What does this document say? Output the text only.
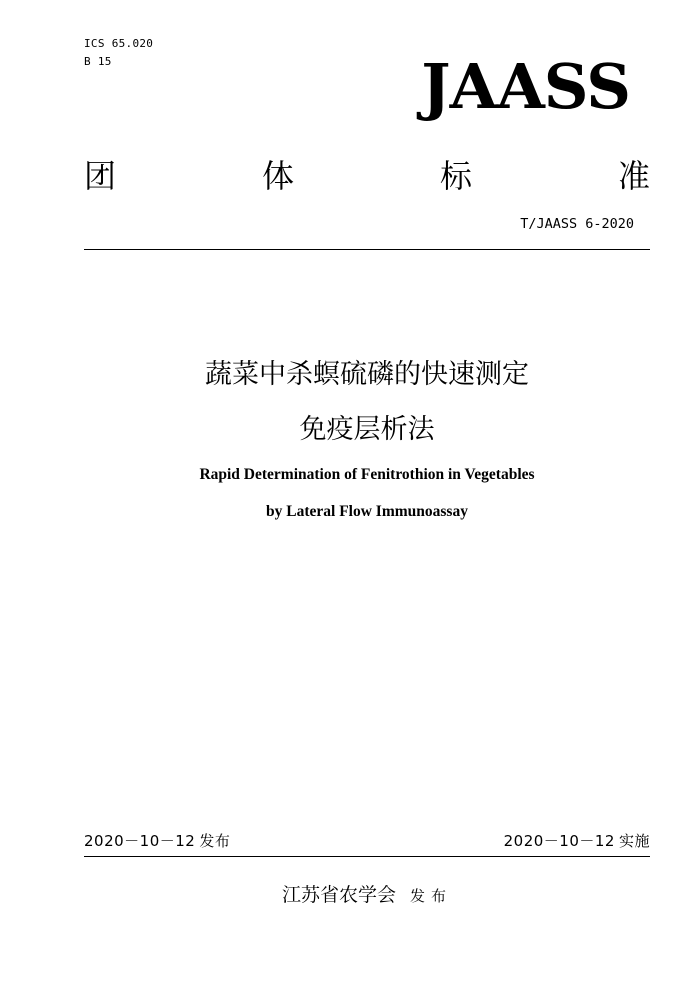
ICS 65.020
B 15	JAASS
团	体	标	准
T/JAASS 6-2020
蔬菜中杀螟硫磷的快速测定
免疫层析法
Rapid Determination of Fenitrothion in Vegetables
by Lateral Flow Immunoassay
2020－10－12 发布	2020－10－12 实施
江苏省农学会 发布
